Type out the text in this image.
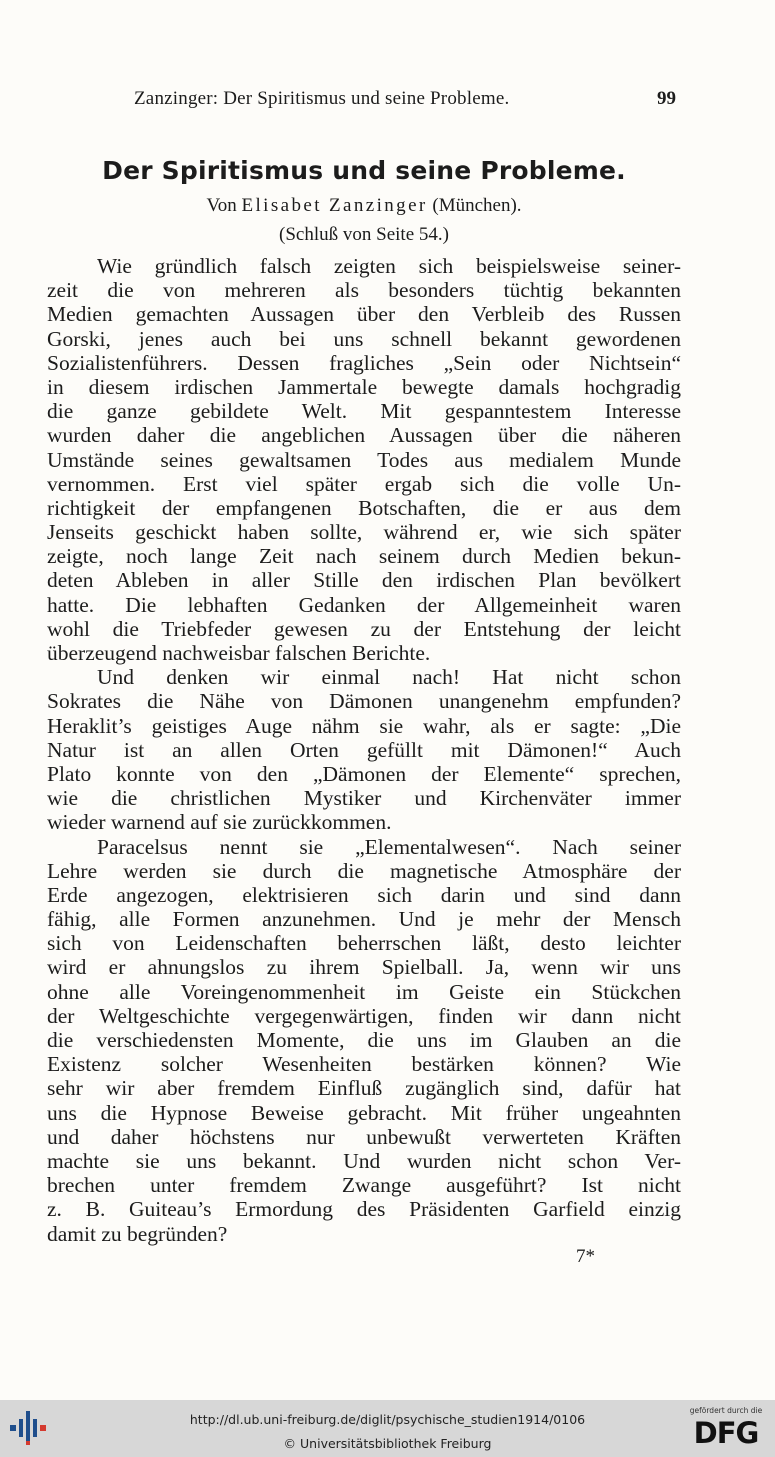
Zanzinger: Der Spiritismus und seine Probleme.	99
Der Spiritismus und seine Probleme.
Von Elisabet Zanzinger (München).
(Schluß von Seite 54.)
Wie gründlich falsch zeigten sich beispielsweise seiner-
zeit die von mehreren als besonders tüchtig bekannten
Medien gemachten Aussagen über den Verbleib des Russen
Gorski, jenes auch bei uns schnell bekannt gewordenen
Sozialistenführers. Dessen fragliches „Sein oder Nichtsein“
in diesem irdischen Jammertale bewegte damals hochgradig
die ganze gebildete Welt. Mit gespanntestem Interesse
wurden daher die angeblichen Aussagen über die näheren
Umstände seines gewaltsamen Todes aus medialem Munde
vernommen. Erst viel später ergab sich die volle Un-
richtigkeit der empfangenen Botschaften, die er aus dem
Jenseits geschickt haben sollte, während er, wie sich später
zeigte, noch lange Zeit nach seinem durch Medien bekun-
deten Ableben in aller Stille den irdischen Plan bevölkert
hatte. Die lebhaften Gedanken der Allgemeinheit waren
wohl die Triebfeder gewesen zu der Entstehung der leicht
überzeugend nachweisbar falschen Berichte.
Und denken wir einmal nach! Hat nicht schon
Sokrates die Nähe von Dämonen unangenehm empfunden?
Heraklit’s geistiges Auge nähm sie wahr, als er sagte: „Die
Natur ist an allen Orten gefüllt mit Dämonen!“ Auch
Plato konnte von den „Dämonen der Elemente“ sprechen,
wie die christlichen Mystiker und Kirchenväter immer
wieder warnend auf sie zurückkommen.
Paracelsus nennt sie „Elementalwesen“. Nach seiner
Lehre werden sie durch die magnetische Atmosphäre der
Erde angezogen, elektrisieren sich darin und sind dann
fähig, alle Formen anzunehmen. Und je mehr der Mensch
sich von Leidenschaften beherrschen läßt, desto leichter
wird er ahnungslos zu ihrem Spielball. Ja, wenn wir uns
ohne alle Voreingenommenheit im Geiste ein Stückchen
der Weltgeschichte vergegenwärtigen, finden wir dann nicht
die verschiedensten Momente, die uns im Glauben an die
Existenz solcher Wesenheiten bestärken können? Wie
sehr wir aber fremdem Einfluß zugänglich sind, dafür hat
uns die Hypnose Beweise gebracht. Mit früher ungeahnten
und daher höchstens nur unbewußt verwerteten Kräften
machte sie uns bekannt. Und wurden nicht schon Ver-
brechen unter fremdem Zwange ausgeführt? Ist nicht
z. B. Guiteau’s Ermordung des Präsidenten Garfield einzig
damit zu begründen?
7*
http://dl.ub.uni-freiburg.de/diglit/psychische_studien1914/0106
© Universitätsbibliothek Freiburg
gefördert durch die
DFG
